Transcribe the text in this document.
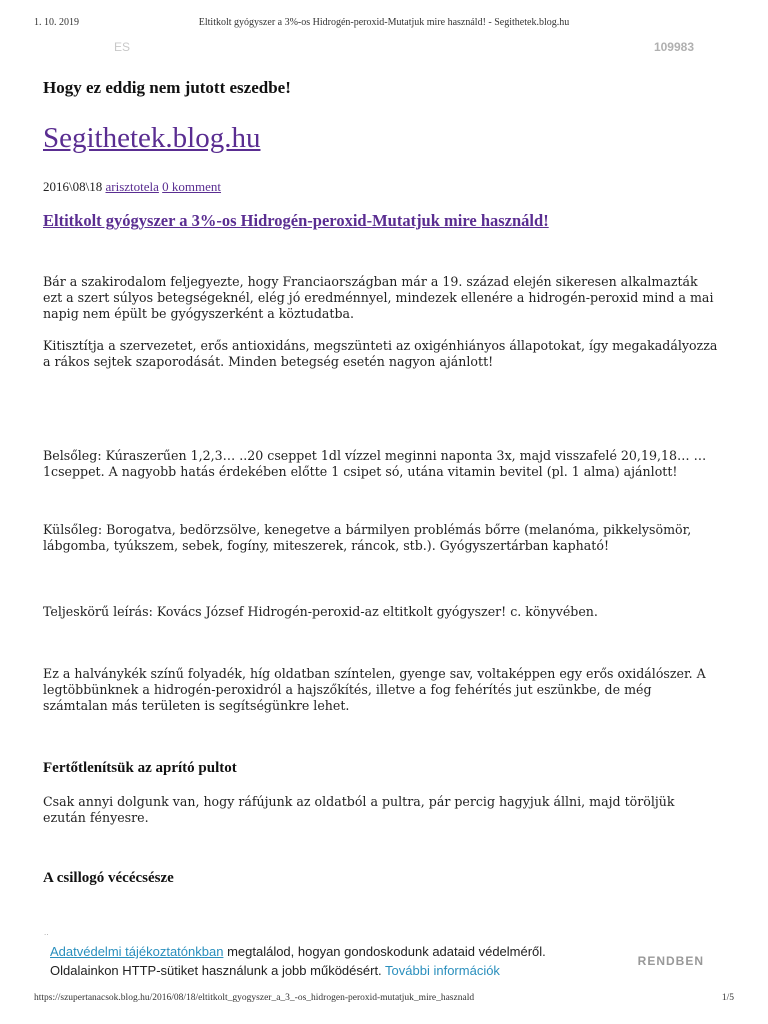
1. 10. 2019	Eltitkolt gyógyszer a 3%-os Hidrogén-peroxid-Mutatjuk mire használd! - Segithetek.blog.hu
ES	109983
Hogy ez eddig nem jutott eszedbe!
Segithetek.blog.hu
2016\08\18 arisztotela 0 komment
Eltitkolt gyógyszer a 3%-os Hidrogén-peroxid-Mutatjuk mire használd!

Bár a szakirodalom feljegyezte, hogy Franciaországban már a 19. század elején sikeresen alkalmazták ezt a szert súlyos betegségeknél, elég jó eredménnyel, mindezek ellenére a hidrogén-peroxid mind a mai napig nem épült be gyógyszerként a köztudatba.

Kitisztítja a szervezetet, erős antioxidáns, megszünteti az oxigénhiányos állapotokat, így megakadályozza a rákos sejtek szaporodását. Minden betegség esetén nagyon ajánlott!

Belsőleg: Kúraszerűen 1,2,3… ..20 cseppet 1dl vízzel meginni naponta 3x, majd visszafelé 20,19,18… … 1cseppet. A nagyobb hatás érdekében előtte 1 csipet só, utána vitamin bevitel (pl. 1 alma) ajánlott!

Külsőleg: Borogatva, bedörzsölve, kenegetve a bármilyen problémás bőrre (melanóma, pikkelysömör, lábgomba, tyúkszem, sebek, fogíny, miteszerek, ráncok, stb.). Gyógyszertárban kapható!

Teljeskörű leírás: Kovács József Hidrogén-peroxid-az eltitkolt gyógyszer! c. könyvében.

Ez a halványkék színű folyadék, híg oldatban színtelen, gyenge sav, voltaképpen egy erős oxidálószer. A legtöbbünknek a hidrogén-peroxidról a hajszőkítés, illetve a fog fehérítés jut eszünkbe, de még számtalan más területen is segítségünkre lehet.

Fertőtlenítsük az aprító pultot

Csak annyi dolgunk van, hogy ráfújunk az oldatból a pultra, pár percig hagyjuk állni, majd töröljük ezután fényesre.

A csillogó vécécsésze
..
Adatvédelmi tájékoztatónkban megtalálod, hogyan gondoskodunk adataid védelméről.
Oldalainkon HTTP-sütiket használunk a jobb működésért. További információk
RENDBEN
https://szupertanacsok.blog.hu/2016/08/18/eltitkolt_gyogyszer_a_3_-os_hidrogen-peroxid-mutatjuk_mire_hasznald	1/5
